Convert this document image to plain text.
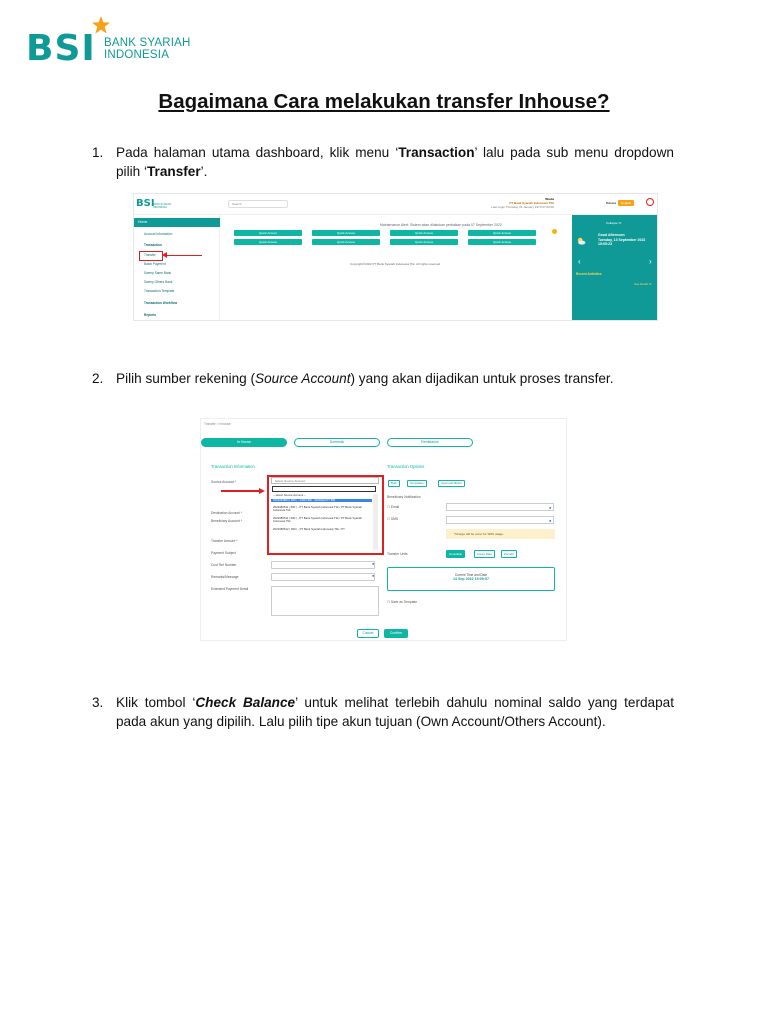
BSI BANK SYARIAH
INDONESIA
Bagaimana Cara melakukan transfer Inhouse?
1. Pada halaman utama dashboard, klik menu ‘Transaction’ lalu pada sub menu dropdown pilih ‘Transfer’.
BSI
BANK SYARIAH
INDONESIA
Search
Wisda
PT Bank Syariah Indonesia Tbk
Last Login Thursday 01 January 1970 07:00:00
Bahasa English
Home
Account Information
Transaction
Transfer
Batch Payment
Sweep Same Bank
Sweep Others Bank
Transaction Template
Transaction Workflow
Reports
Maintenance Alert: Sistem akan dilakukan perbaikan pada 07 September 2022
Quick Access	Quick Access	Quick Access	Quick Access
Quick Access	Quick Access	Quick Access	Quick Access
Copyright©2022 PT Bank Syariah Indonesia Tbk. All rights reserved
Collapse ≫
Good Afternoon
Tuesday, 13 September 2022
15:05:23
‹	›
Recent Activities
See Detail ≫
2. Pilih sumber rekening (Source Account) yang akan dijadikan untuk proses transfer.
Transfer > Inhouse
In House	Domestic	Remittance
Transaction Information	Transaction Options
Source Account *
Destination Account *
Beneficiary Account *
Transfer Amount *
Payment Subject
Cust Ref Number
Remarks/Message
Extended Payment Detail
●
●
Select Source Account
-- select Source Account --
7001234804 | IDR | - GIRO BSI - WADIAH PT BSI
2022080511 | IDR | - PT Bank Syariah Indonesia Tbk / PT Bank Syariah Indonesia Tbk
2022080511 | IDR | - PT Bank Syariah Indonesia Tbk / PT Bank Syariah Indonesia Tbk
2022080512 | IDR | - PT Bank Syariah Indonesia Tbk / PT
Bulk	Templates	Approval Matrix
Beneficiary Notification
☐ Email
☐ SMS
●
●
*Charge will be occur for SMS usage.
Transfer Units	Immediate	Future Date	Periodic
Current Time and Date
13 Sep 2022 15:09:07
☐ Save as Template
Cancel	Confirm
3. Klik tombol ‘Check Balance’ untuk melihat terlebih dahulu nominal saldo yang terdapat pada akun yang dipilih. Lalu pilih tipe akun tujuan (Own Account/Others Account).
